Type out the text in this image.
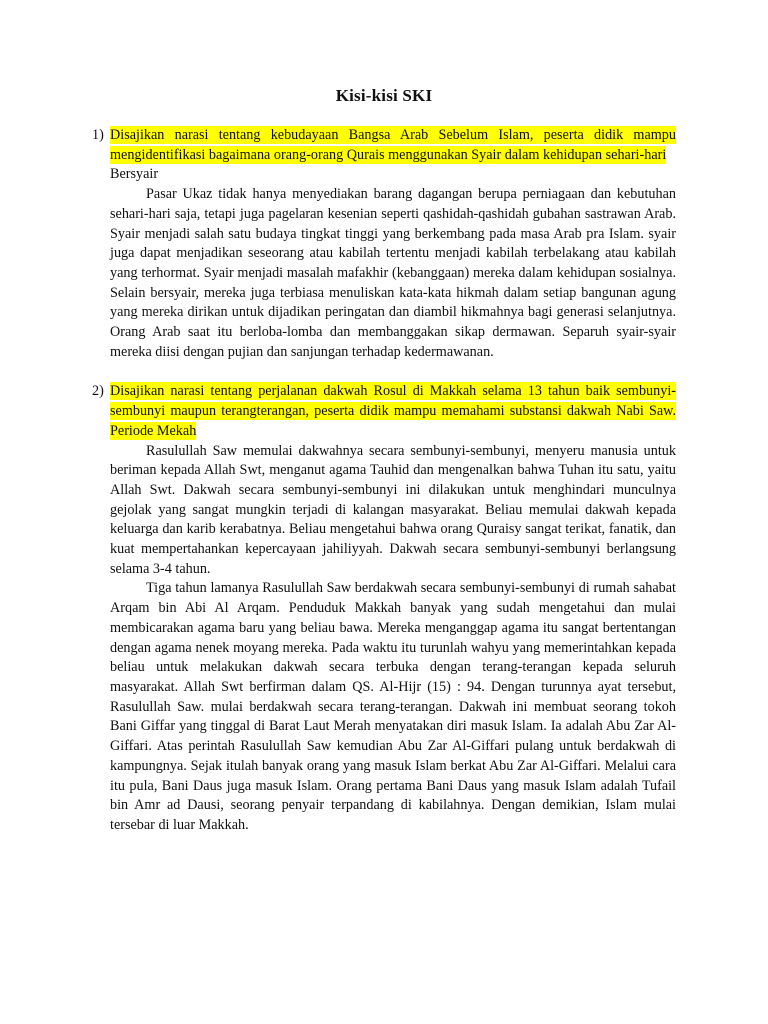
Kisi-kisi SKI
1) Disajikan narasi tentang kebudayaan Bangsa Arab Sebelum Islam, peserta didik mampu mengidentifikasi bagaimana orang-orang Qurais menggunakan Syair dalam kehidupan sehari-hari

Bersyair

Pasar Ukaz tidak hanya menyediakan barang dagangan berupa perniagaan dan kebutuhan sehari-hari saja, tetapi juga pagelaran kesenian seperti qashidah-qashidah gubahan sastrawan Arab. Syair menjadi salah satu budaya tingkat tinggi yang berkembang pada masa Arab pra Islam. syair juga dapat menjadikan seseorang atau kabilah tertentu menjadi kabilah terbelakang atau kabilah yang terhormat. Syair menjadi masalah mafakhir (kebanggaan) mereka dalam kehidupan sosialnya. Selain bersyair, mereka juga terbiasa menuliskan kata-kata hikmah dalam setiap bangunan agung yang mereka dirikan untuk dijadikan peringatan dan diambil hikmahnya bagi generasi selanjutnya. Orang Arab saat itu berloba-lomba dan membanggakan sikap dermawan. Separuh syair-syair mereka diisi dengan pujian dan sanjungan terhadap kedermawanan.

2) Disajikan narasi tentang perjalanan dakwah Rosul di Makkah selama 13 tahun baik sembunyi-sembunyi maupun terangterangan, peserta didik mampu memahami substansi dakwah Nabi Saw. Periode Mekah

Rasulullah Saw memulai dakwahnya secara sembunyi-sembunyi, menyeru manusia untuk beriman kepada Allah Swt, menganut agama Tauhid dan mengenalkan bahwa Tuhan itu satu, yaitu Allah Swt. Dakwah secara sembunyi-sembunyi ini dilakukan untuk menghindari munculnya gejolak yang sangat mungkin terjadi di kalangan masyarakat. Beliau memulai dakwah kepada keluarga dan karib kerabatnya. Beliau mengetahui bahwa orang Quraisy sangat terikat, fanatik, dan kuat mempertahankan kepercayaan jahiliyyah. Dakwah secara sembunyi-sembunyi berlangsung selama 3-4 tahun.

Tiga tahun lamanya Rasulullah Saw berdakwah secara sembunyi-sembunyi di rumah sahabat Arqam bin Abi Al Arqam. Penduduk Makkah banyak yang sudah mengetahui dan mulai membicarakan agama baru yang beliau bawa. Mereka menganggap agama itu sangat bertentangan dengan agama nenek moyang mereka. Pada waktu itu turunlah wahyu yang memerintahkan kepada beliau untuk melakukan dakwah secara terbuka dengan terang-terangan kepada seluruh masyarakat. Allah Swt berfirman dalam QS. Al-Hijr (15) : 94. Dengan turunnya ayat tersebut, Rasulullah Saw. mulai berdakwah secara terang-terangan. Dakwah ini membuat seorang tokoh Bani Giffar yang tinggal di Barat Laut Merah menyatakan diri masuk Islam. Ia adalah Abu Zar Al-Giffari. Atas perintah Rasulullah Saw kemudian Abu Zar Al-Giffari pulang untuk berdakwah di kampungnya. Sejak itulah banyak orang yang masuk Islam berkat Abu Zar Al-Giffari. Melalui cara itu pula, Bani Daus juga masuk Islam. Orang pertama Bani Daus yang masuk Islam adalah Tufail bin Amr ad Dausi, seorang penyair terpandang di kabilahnya. Dengan demikian, Islam mulai tersebar di luar Makkah.
